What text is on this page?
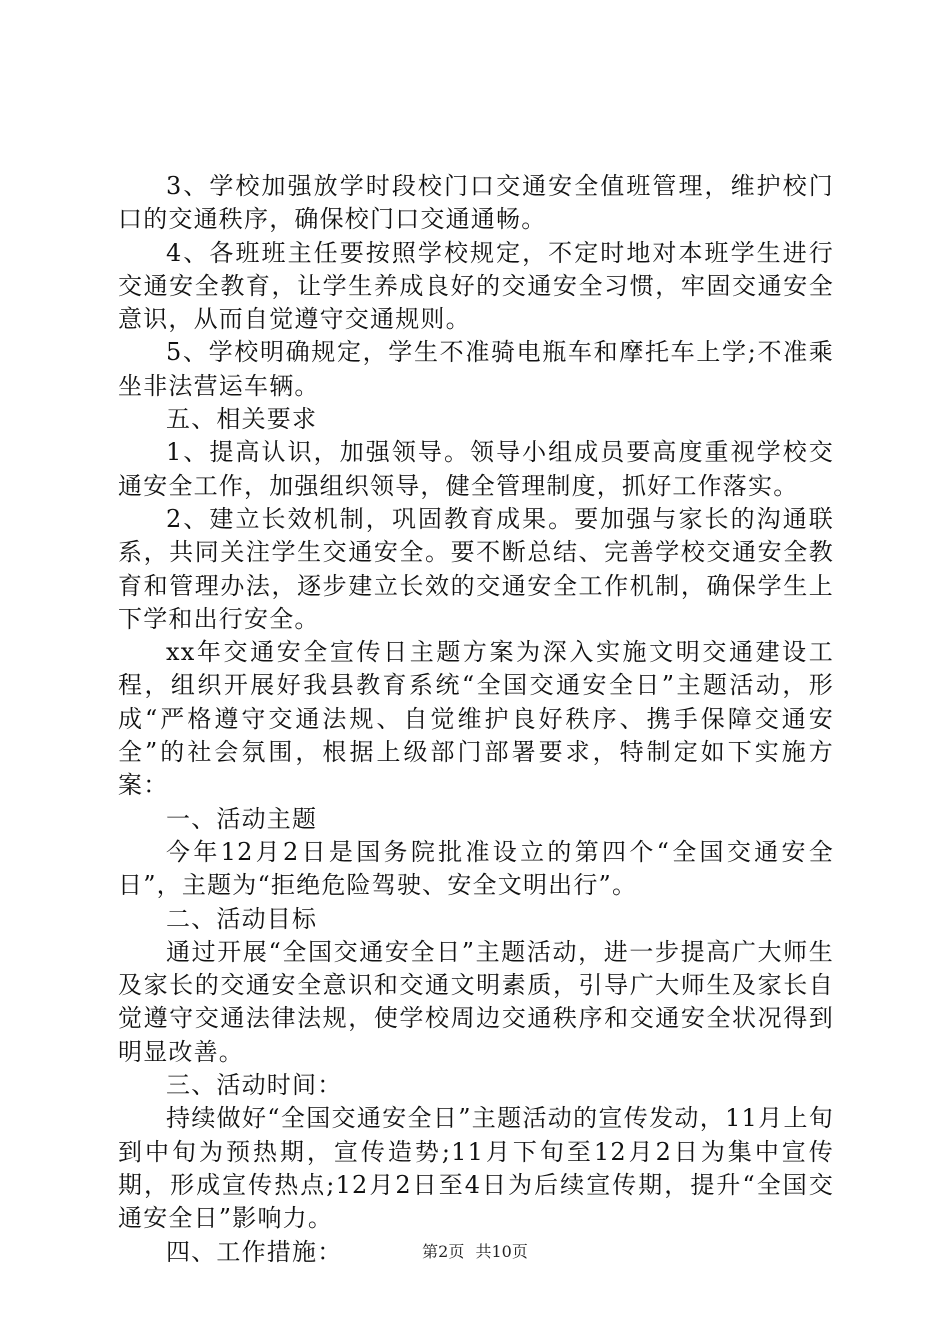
3、学校加强放学时段校门口交通安全值班管理，维护校门口的交通秩序，确保校门口交通通畅。

4、各班班主任要按照学校规定，不定时地对本班学生进行交通安全教育，让学生养成良好的交通安全习惯，牢固交通安全意识，从而自觉遵守交通规则。

5、学校明确规定，学生不准骑电瓶车和摩托车上学;不准乘坐非法营运车辆。

五、相关要求

1、提高认识，加强领导。领导小组成员要高度重视学校交通安全工作，加强组织领导，健全管理制度，抓好工作落实。

2、建立长效机制，巩固教育成果。要加强与家长的沟通联系，共同关注学生交通安全。要不断总结、完善学校交通安全教育和管理办法，逐步建立长效的交通安全工作机制，确保学生上下学和出行安全。

xx年交通安全宣传日主题方案为深入实施文明交通建设工程，组织开展好我县教育系统“全国交通安全日”主题活动，形成“严格遵守交通法规、自觉维护良好秩序、携手保障交通安全”的社会氛围，根据上级部门部署要求，特制定如下实施方案：

一、活动主题

今年12月2日是国务院批准设立的第四个“全国交通安全日”，主题为“拒绝危险驾驶、安全文明出行”。

二、活动目标

通过开展“全国交通安全日”主题活动，进一步提高广大师生及家长的交通安全意识和交通文明素质，引导广大师生及家长自觉遵守交通法律法规，使学校周边交通秩序和交通安全状况得到明显改善。

三、活动时间：

持续做好“全国交通安全日”主题活动的宣传发动，11月上旬到中旬为预热期，宣传造势;11月下旬至12月2日为集中宣传期，形成宣传热点;12月2日至4日为后续宣传期，提升“全国交通安全日”影响力。

四、工作措施：	第2页 共10页
